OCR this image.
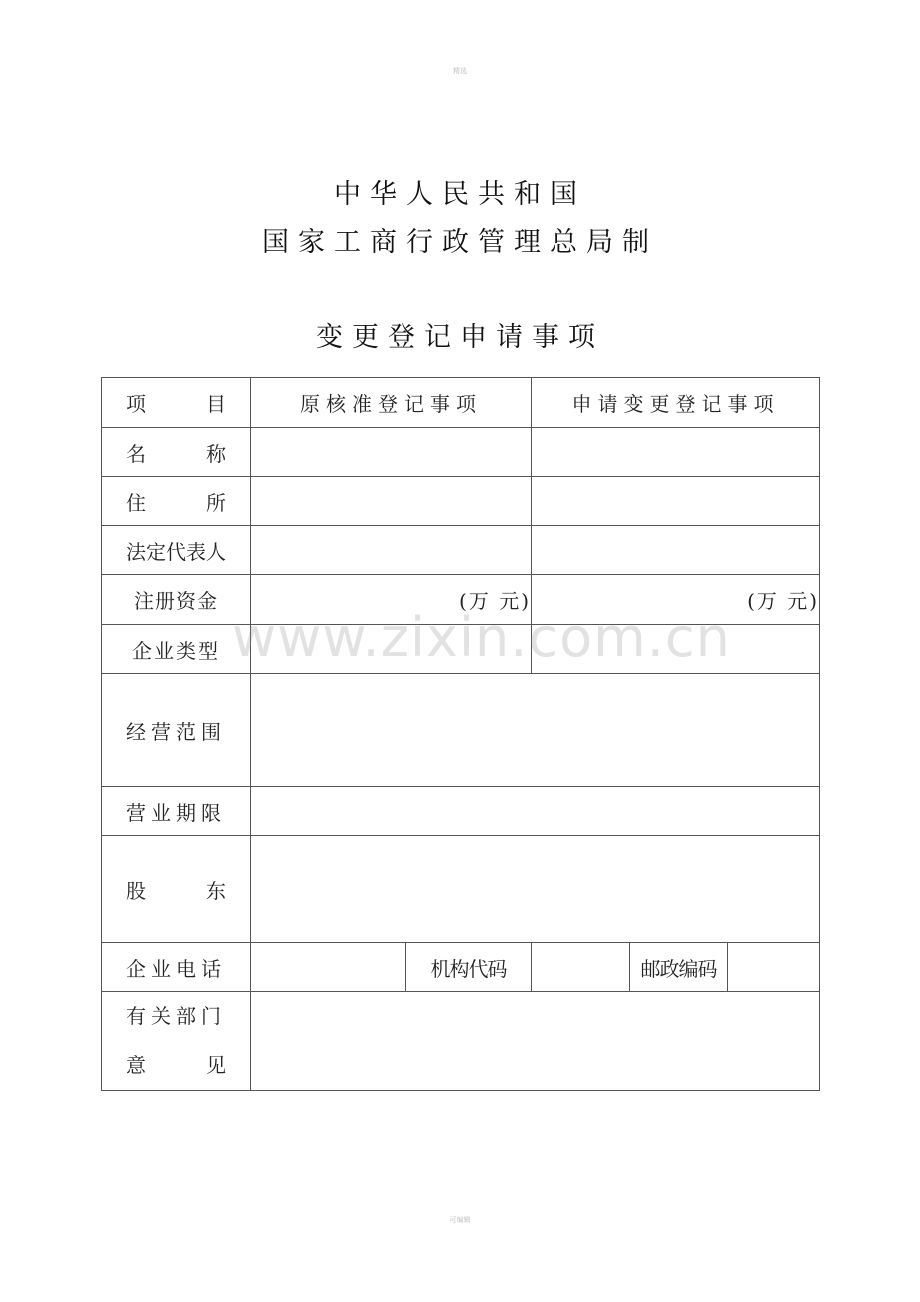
精选
中华人民共和国
国家工商行政管理总局制
变更登记申请事项
项 目	原核准登记事项		申请变更登记事项		
名 称					
住 所					
法定代表人					
注册资金	(万 元)		(万 元)		
企业类型					
经营范围					
营业期限					
股 东					
企业电话		机构代码		邮政编码	

有关部门
意 见					

www.zixin.com.cn
可编辑
